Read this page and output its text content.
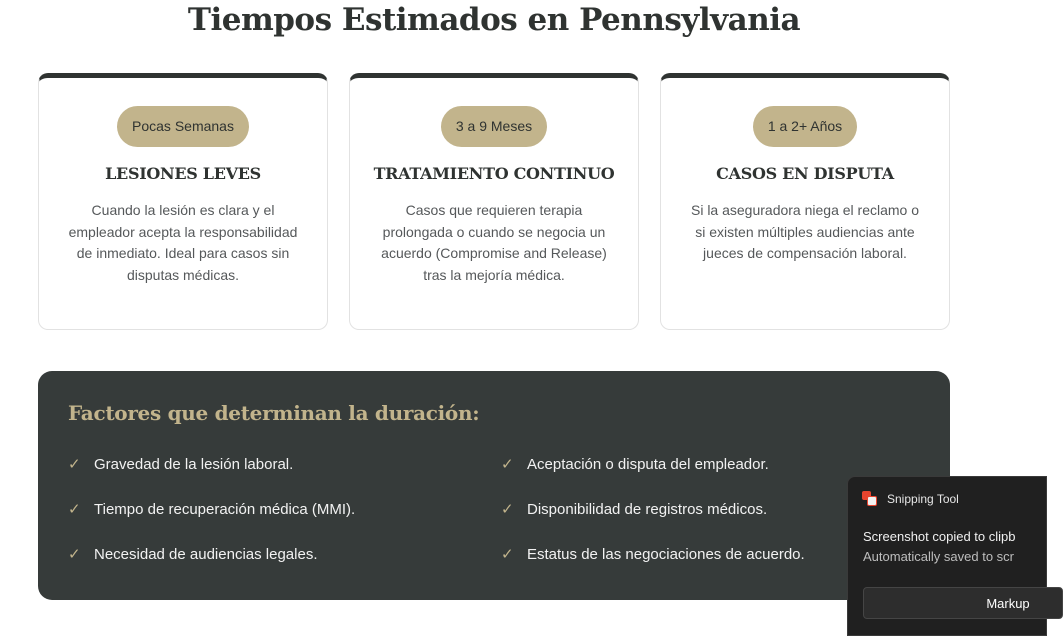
Tiempos Estimados en Pennsylvania
Pocas Semanas
LESIONES LEVES
Cuando la lesión es clara y el empleador acepta la responsabilidad de inmediato. Ideal para casos sin disputas médicas.
3 a 9 Meses
TRATAMIENTO CONTINUO
Casos que requieren terapia prolongada o cuando se negocia un acuerdo (Compromise and Release) tras la mejoría médica.
1 a 2+ Años
CASOS EN DISPUTA
Si la aseguradora niega el reclamo o si existen múltiples audiencias ante jueces de compensación laboral.
Factores que determinan la duración:
✓ Gravedad de la lesión laboral.	✓ Aceptación o disputa del empleador.
✓ Tiempo de recuperación médica (MMI).	✓ Disponibilidad de registros médicos.
✓ Necesidad de audiencias legales.	✓ Estatus de las negociaciones de acuerdo.
Snipping Tool
Screenshot copied to clipb
Automatically saved to scr
Markup
